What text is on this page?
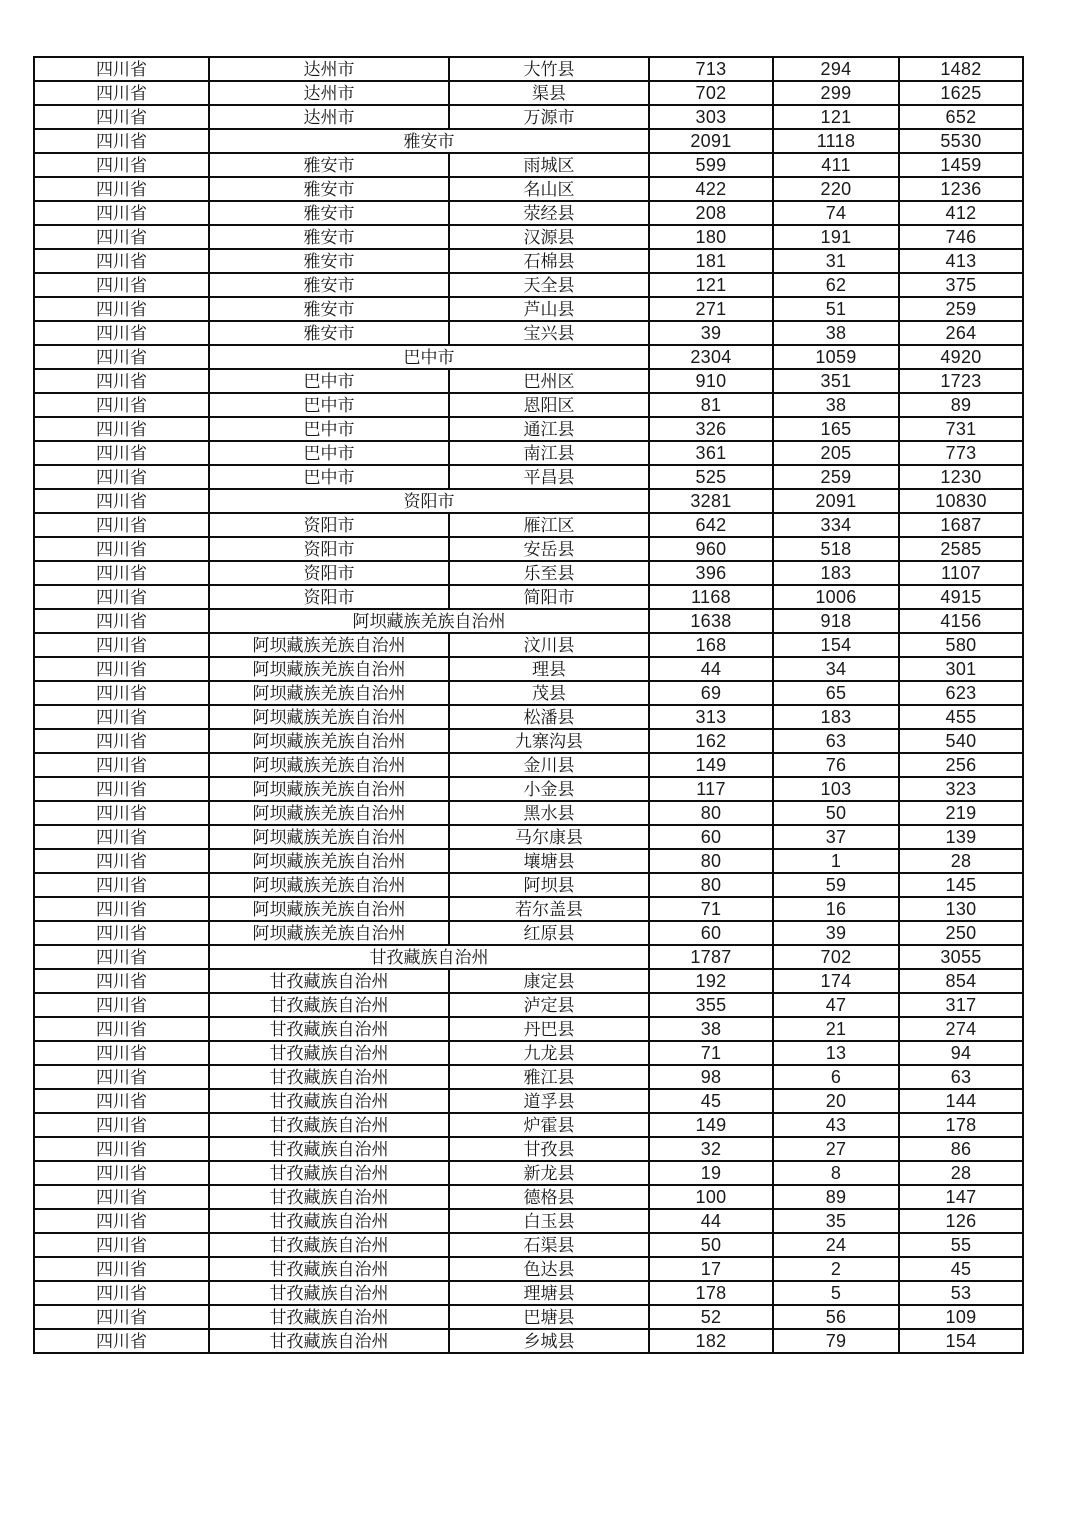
四川省	达州市	大竹县	713	294	1482
四川省	达州市	渠县	702	299	1625
四川省	达州市	万源市	303	121	652
四川省	雅安市		2091	1118	5530
四川省	雅安市	雨城区	599	411	1459
四川省	雅安市	名山区	422	220	1236
四川省	雅安市	荥经县	208	74	412
四川省	雅安市	汉源县	180	191	746
四川省	雅安市	石棉县	181	31	413
四川省	雅安市	天全县	121	62	375
四川省	雅安市	芦山县	271	51	259
四川省	雅安市	宝兴县	39	38	264
四川省	巴中市		2304	1059	4920
四川省	巴中市	巴州区	910	351	1723
四川省	巴中市	恩阳区	81	38	89
四川省	巴中市	通江县	326	165	731
四川省	巴中市	南江县	361	205	773
四川省	巴中市	平昌县	525	259	1230
四川省	资阳市		3281	2091	10830
四川省	资阳市	雁江区	642	334	1687
四川省	资阳市	安岳县	960	518	2585
四川省	资阳市	乐至县	396	183	1107
四川省	资阳市	简阳市	1168	1006	4915
四川省	阿坝藏族羌族自治州		1638	918	4156
四川省	阿坝藏族羌族自治州	汶川县	168	154	580
四川省	阿坝藏族羌族自治州	理县	44	34	301
四川省	阿坝藏族羌族自治州	茂县	69	65	623
四川省	阿坝藏族羌族自治州	松潘县	313	183	455
四川省	阿坝藏族羌族自治州	九寨沟县	162	63	540
四川省	阿坝藏族羌族自治州	金川县	149	76	256
四川省	阿坝藏族羌族自治州	小金县	117	103	323
四川省	阿坝藏族羌族自治州	黑水县	80	50	219
四川省	阿坝藏族羌族自治州	马尔康县	60	37	139
四川省	阿坝藏族羌族自治州	壤塘县	80	1	28
四川省	阿坝藏族羌族自治州	阿坝县	80	59	145
四川省	阿坝藏族羌族自治州	若尔盖县	71	16	130
四川省	阿坝藏族羌族自治州	红原县	60	39	250
四川省	甘孜藏族自治州		1787	702	3055
四川省	甘孜藏族自治州	康定县	192	174	854
四川省	甘孜藏族自治州	泸定县	355	47	317
四川省	甘孜藏族自治州	丹巴县	38	21	274
四川省	甘孜藏族自治州	九龙县	71	13	94
四川省	甘孜藏族自治州	雅江县	98	6	63
四川省	甘孜藏族自治州	道孚县	45	20	144
四川省	甘孜藏族自治州	炉霍县	149	43	178
四川省	甘孜藏族自治州	甘孜县	32	27	86
四川省	甘孜藏族自治州	新龙县	19	8	28
四川省	甘孜藏族自治州	德格县	100	89	147
四川省	甘孜藏族自治州	白玉县	44	35	126
四川省	甘孜藏族自治州	石渠县	50	24	55
四川省	甘孜藏族自治州	色达县	17	2	45
四川省	甘孜藏族自治州	理塘县	178	5	53
四川省	甘孜藏族自治州	巴塘县	52	56	109
四川省	甘孜藏族自治州	乡城县	182	79	154
